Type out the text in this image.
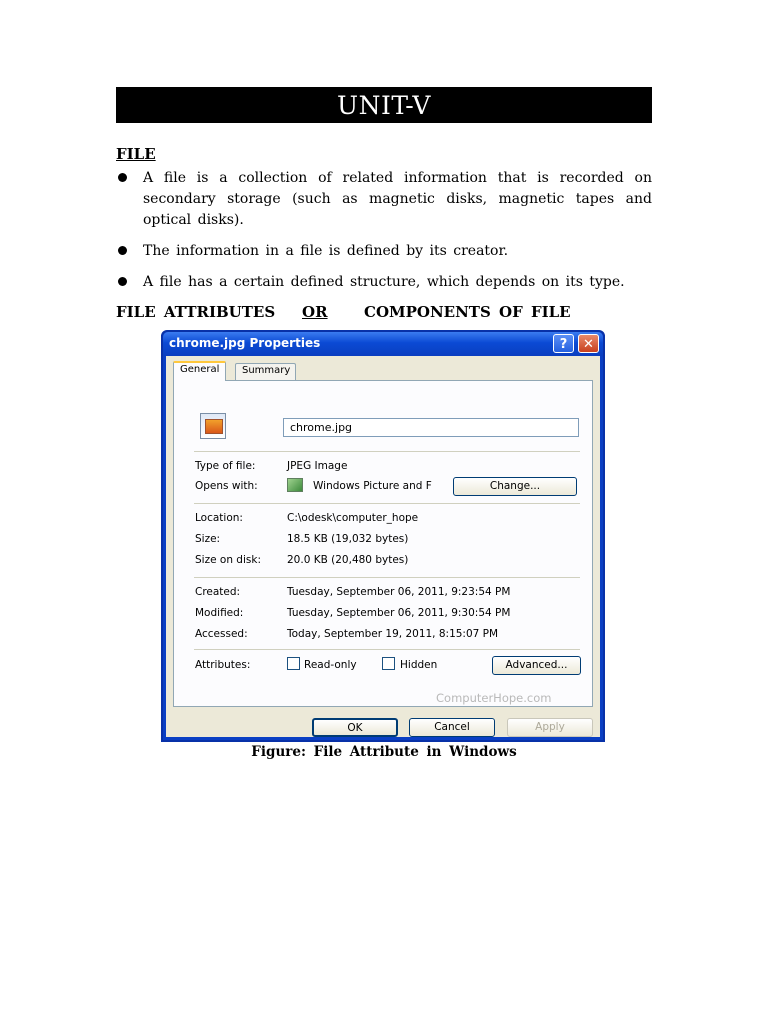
UNIT-V
FILE
A file is a collection of related information that is recorded on secondary storage (such as magnetic disks, magnetic tapes and optical disks).
The information in a file is defined by its creator.
A file has a certain defined structure, which depends on its type.
FILE ATTRIBUTES OR COMPONENTS OF FILE
chrome.jpg Properties	?	✕
General	Summary
chrome.jpg
Type of file:	JPEG Image
Opens with:	Windows Picture and F	Change...
Location:	C:\odesk\computer_hope
Size:	18.5 KB (19,032 bytes)
Size on disk: 20.0 KB (20,480 bytes)
Created:	Tuesday, September 06, 2011, 9:23:54 PM
Modified:	Tuesday, September 06, 2011, 9:30:54 PM
Accessed:	Today, September 19, 2011, 8:15:07 PM
Attributes:	Read-only	Hidden	Advanced...
ComputerHope.com
OK	Cancel	Apply
Figure: File Attribute in Windows
